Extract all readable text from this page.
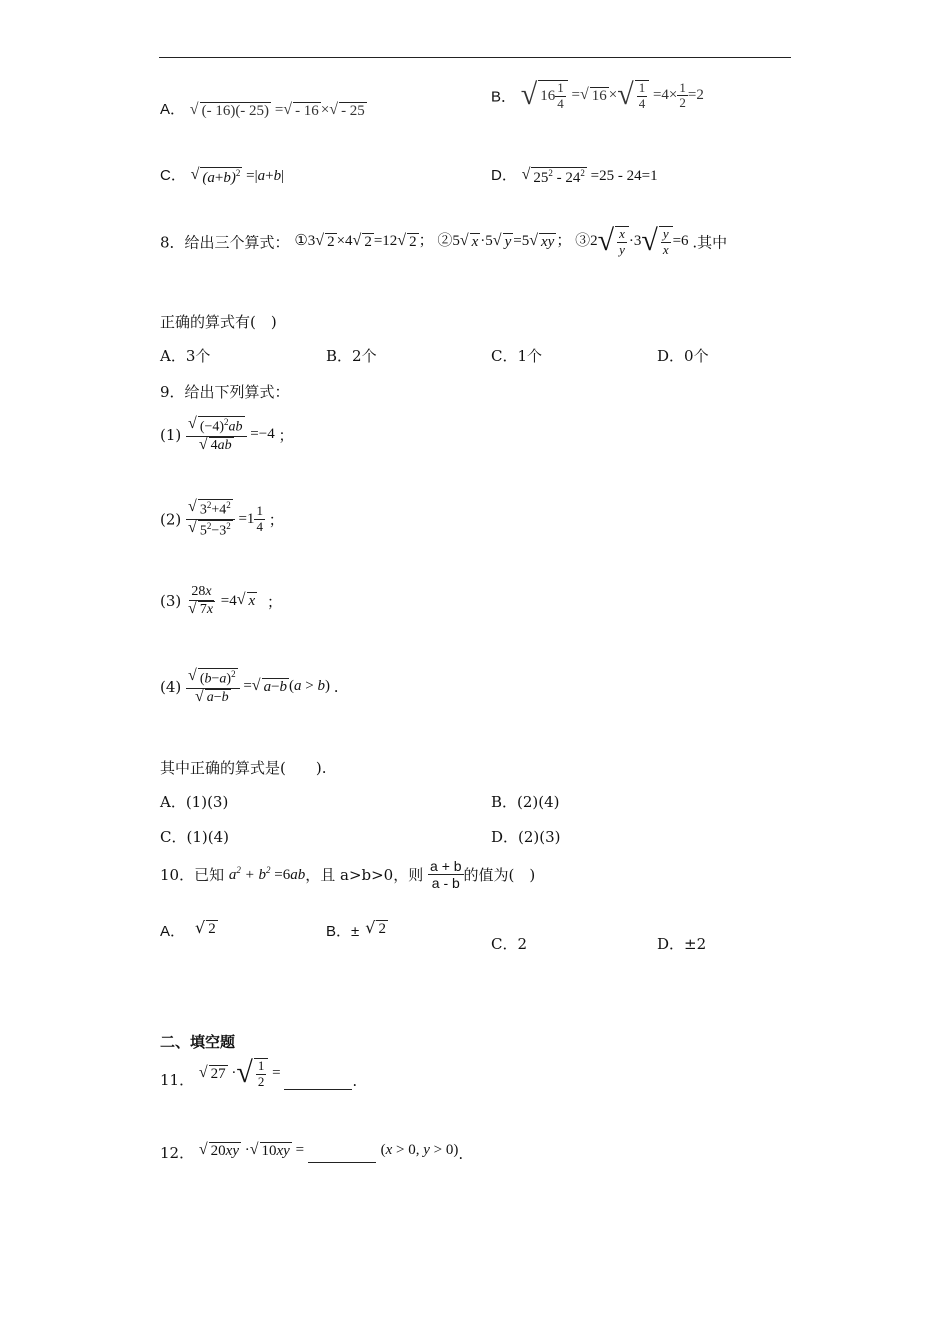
A． √ (- 16)(- 25) = √ - 16 × √ - 25
B． √ $16 \frac{1}{4}$ = √ 16 × √ $\frac{1}{4} =4\times \frac{1}{2} =2$
C． √ $(a+b)^2 =|a+b|$	D． √ $25^2 - 24^2 =25 - 24=1$
8．给出三个算式： ①3 √ 2 ×4 √ 2 =12 √ 2 ； ②5 √ x ·5 √ y =5 √ xy ； ③2 √ $\frac{x}{y} \cdot 3$ √ $\frac{y}{x} =6$ .其中
正确的算式有(　)
A．3个	B．2个	C．1个	D．0个
9．给出下列算式：
$(1) \frac{√ (-4)^2ab}{√ 4ab} =-4$ ；
$(2) \frac{√ 3^2+4^2}{√ 5^2-3^2} =1 \frac{1}{4}$ ；
$(3) \frac{28x}{√ 7x} =4$ √ x ；
$(4) \frac{√ (b-a)^2}{√ a-b}$ = √ a−b (a > b) .
其中正确的算式是(　　).
A．(1)(3)	B．(2)(4)
C．(1)(4)	D．(2)(3)
10．已知 $a^2 + b^2 =6ab$，且 a>b>0，则 $\frac{a + b}{a - b}$ 的值为(　)
A． √ 2	B．± √ 2
C．2	D．±2
二、填空题
11． √ 27 · √ $\frac{1}{2}$ =	.
12． √ 20xy · √ 10xy =	(x > 0, y > 0).
